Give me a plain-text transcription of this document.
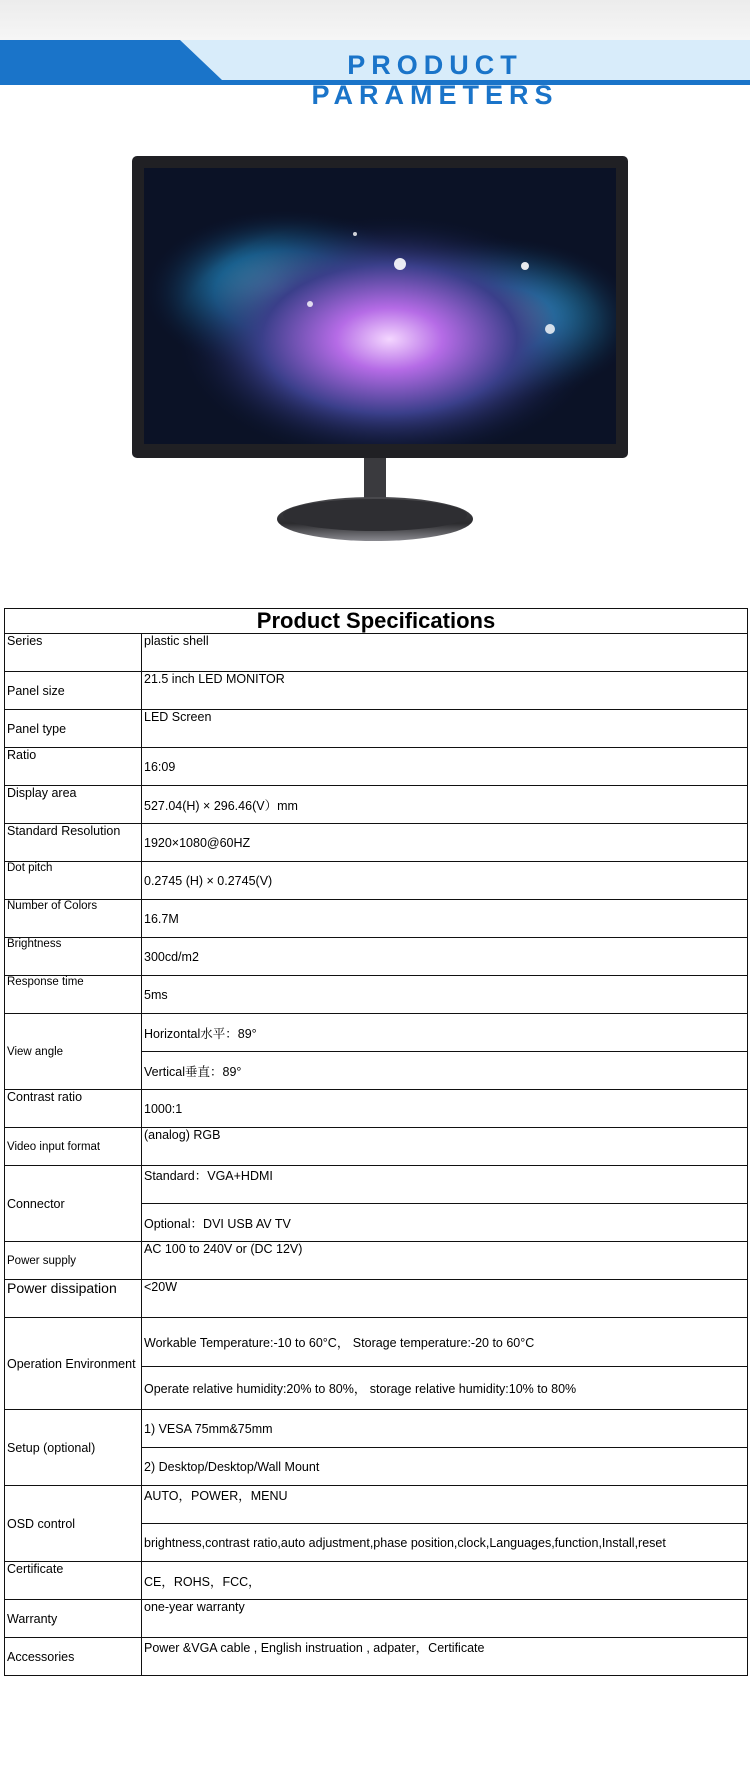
PRODUCT PARAMETERS
Product Specifications	
Series	plastic shell
Panel size	21.5 inch LED MONITOR
Panel type	LED Screen
Ratio	16:09
Display area	527.04(H) × 296.46(V）mm
Standard Resolution	1920×1080@60HZ
Dot pitch	0.2745 (H) × 0.2745(V)
Number of Colors	16.7M
Brightness	300cd/m2
Response time	5ms
View angle	Horizontal水平：89°
	Vertical垂直：89°
Contrast ratio	1000:1
Video input format	(analog) RGB
Connector	Standard：VGA+HDMI
	Optional：DVI USB AV TV
Power supply	AC 100 to 240V or (DC 12V)
Power dissipation	<20W
Operation Environment	Workable Temperature:-10 to 60°C， Storage temperature:-20 to 60°C
	Operate relative humidity:20% to 80%， storage relative humidity:10% to 80%
Setup (optional)	1) VESA 75mm&75mm
	2) Desktop/Desktop/Wall Mount
OSD control	AUTO，POWER，MENU
	brightness,contrast ratio,auto adjustment,phase position,clock,Languages,function,Install,reset
Certificate	CE，ROHS，FCC，
Warranty	one-year warranty
Accessories	Power &VGA cable , English instruation , adpater，Certificate
